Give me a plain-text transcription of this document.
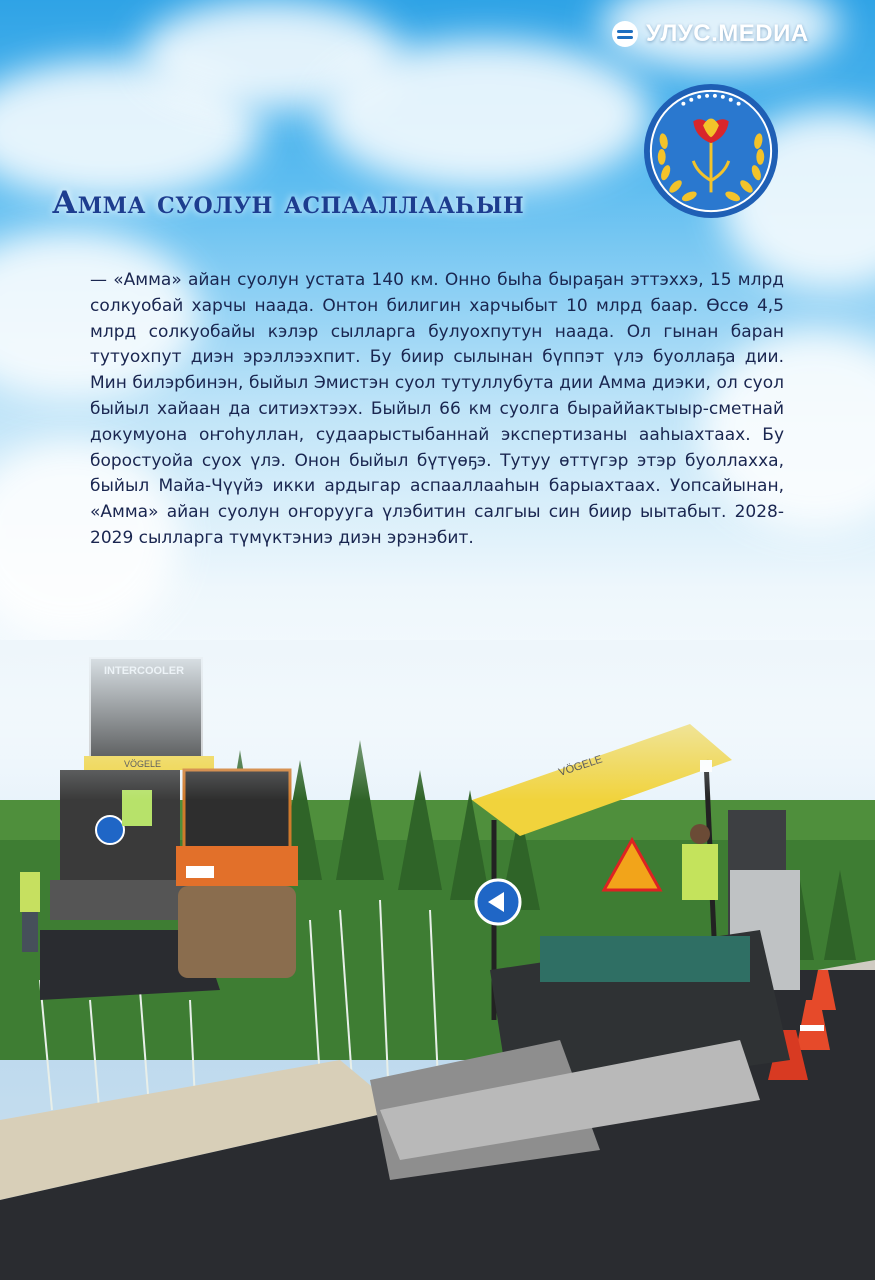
УЛУС.MEDИА
Амма суолун аспааллааһын

— «Амма» айан суолун устата 140 км. Онно быһа быраҕан эттэххэ, 15 млрд солкуобай харчы наада. Онтон билигин харчыбыт 10 млрд баар. Өссө 4,5 млрд солкуобайы кэлэр сылларга булуохпутун наада. Ол гынан баран тутуохпут диэн эрэллээхпит. Бу биир сылынан бүппэт үлэ буоллаҕа дии. Мин билэрбинэн, быйыл Эмистэн суол тутуллубута дии Амма диэки, ол суол быйыл хайаан да ситиэхтээх. Быйыл 66 км суолга быраййактыыр-сметнай докумуона оҥоһуллан, судаарыстыбаннай экспертизаны ааһыахтаах. Бу боростуойа суох үлэ. Онон быйыл бүтүөҕэ. Тутуу өттүгэр этэр буоллахха, быйыл Майа-Чүүйэ икки ардыгар аспааллааһын барыахтаах. Уопсайынан, «Амма» айан суолун оҥорууга үлэбитин салгыы син биир ыытабыт. 2028-2029 сылларга түмүктэниэ диэн эрэнэбит.
